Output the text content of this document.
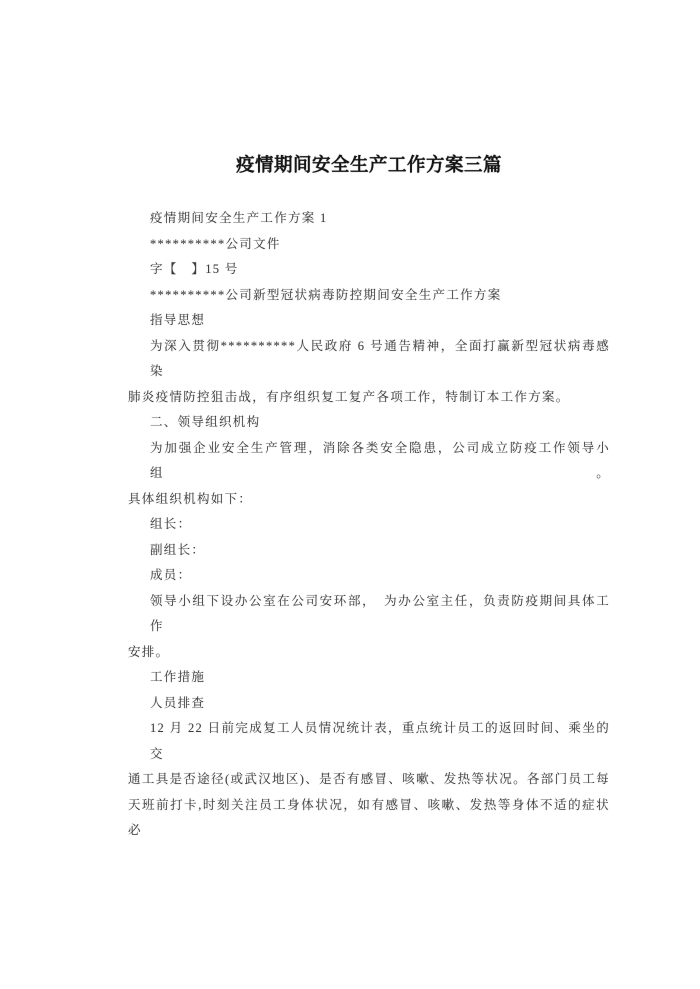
疫情期间安全生产工作方案三篇
疫情期间安全生产工作方案 1
**********公司文件
字【　】15 号
**********公司新型冠状病毒防控期间安全生产工作方案
指导思想
为深入贯彻**********人民政府 6 号通告精神，全面打赢新型冠状病毒感染
肺炎疫情防控狙击战，有序组织复工复产各项工作，特制订本工作方案。
二、领导组织机构
为加强企业安全生产管理，消除各类安全隐患，公司成立防疫工作领导小组。
具体组织机构如下：
组长：
副组长：
成员：
领导小组下设办公室在公司安环部，　为办公室主任，负责防疫期间具体工作
安排。
工作措施
人员排查
12 月 22 日前完成复工人员情况统计表，重点统计员工的返回时间、乘坐的交
通工具是否途径(或武汉地区)、是否有感冒、咳嗽、发热等状况。各部门员工每
天班前打卡,时刻关注员工身体状况，如有感冒、咳嗽、发热等身体不适的症状必
